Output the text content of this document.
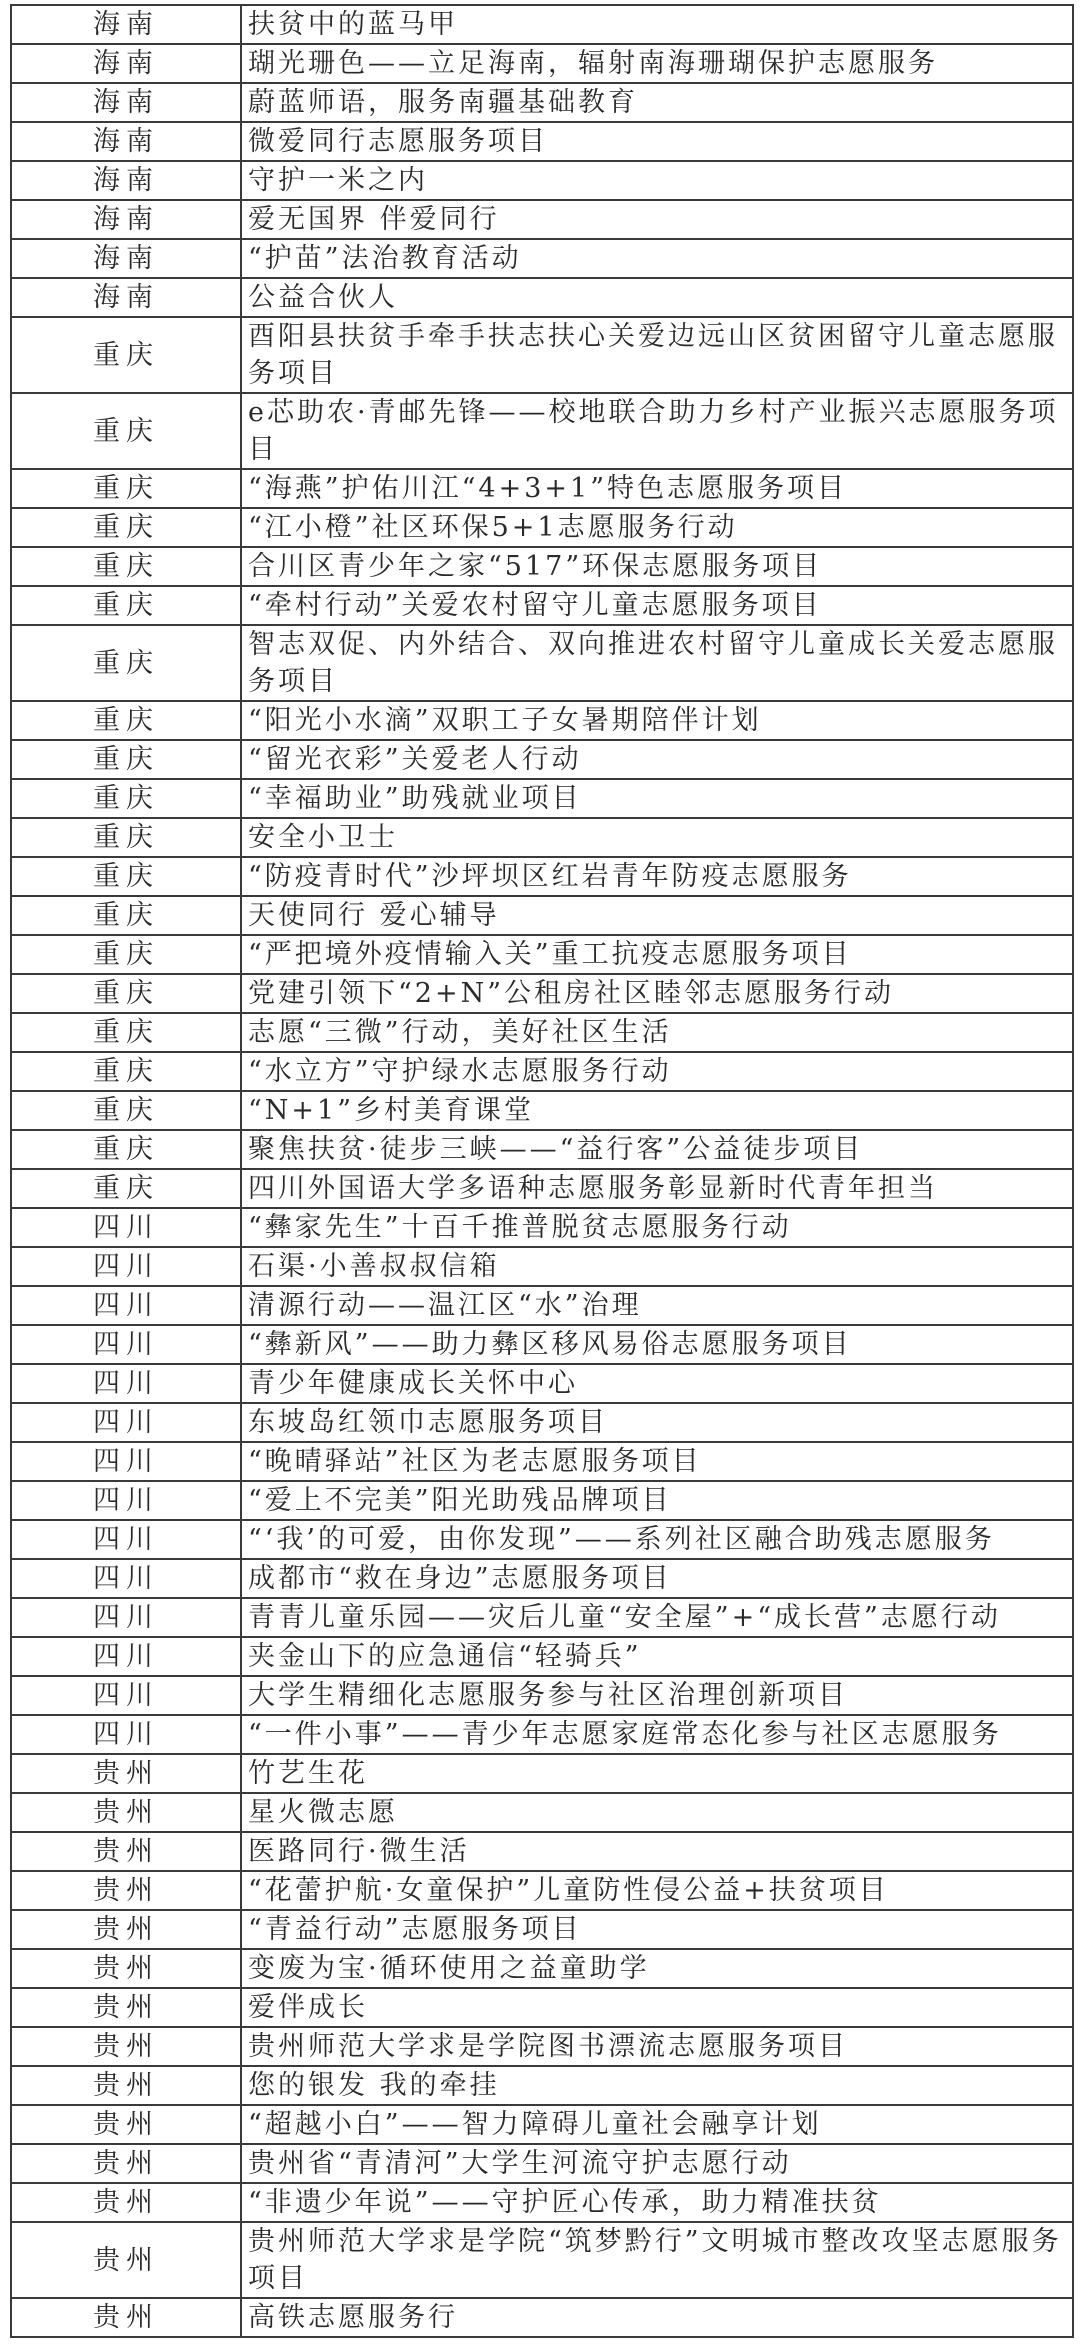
海南	扶贫中的蓝马甲
海南	瑚光珊色——立足海南，辐射南海珊瑚保护志愿服务
海南	蔚蓝师语，服务南疆基础教育
海南	微爱同行志愿服务项目
海南	守护一米之内
海南	爱无国界 伴爱同行
海南	“护苗”法治教育活动
海南	公益合伙人
重庆	酉阳县扶贫手牵手扶志扶心关爱边远山区贫困留守儿童志愿服务项目
重庆	e芯助农·青邮先锋——校地联合助力乡村产业振兴志愿服务项目
重庆	“海燕”护佑川江“4+3+1”特色志愿服务项目
重庆	“江小橙”社区环保5+1志愿服务行动
重庆	合川区青少年之家“517”环保志愿服务项目
重庆	“牵村行动”关爱农村留守儿童志愿服务项目
重庆	智志双促、内外结合、双向推进农村留守儿童成长关爱志愿服务项目
重庆	“阳光小水滴”双职工子女暑期陪伴计划
重庆	“留光衣彩”关爱老人行动
重庆	“幸福助业”助残就业项目
重庆	安全小卫士
重庆	“防疫青时代”沙坪坝区红岩青年防疫志愿服务
重庆	天使同行 爱心辅导
重庆	“严把境外疫情输入关”重工抗疫志愿服务项目
重庆	党建引领下“2+N”公租房社区睦邻志愿服务行动
重庆	志愿“三微”行动，美好社区生活
重庆	“水立方”守护绿水志愿服务行动
重庆	“N+1”乡村美育课堂
重庆	聚焦扶贫·徒步三峡——“益行客”公益徒步项目
重庆	四川外国语大学多语种志愿服务彰显新时代青年担当
四川	“彝家先生”十百千推普脱贫志愿服务行动
四川	石渠·小善叔叔信箱
四川	清源行动——温江区“水”治理
四川	“彝新风”——助力彝区移风易俗志愿服务项目
四川	青少年健康成长关怀中心
四川	东坡岛红领巾志愿服务项目
四川	“晚晴驿站”社区为老志愿服务项目
四川	“爱上不完美”阳光助残品牌项目
四川	“‘我’的可爱，由你发现”——系列社区融合助残志愿服务
四川	成都市“救在身边”志愿服务项目
四川	青青儿童乐园——灾后儿童“安全屋”+“成长营”志愿行动
四川	夹金山下的应急通信“轻骑兵”
四川	大学生精细化志愿服务参与社区治理创新项目
四川	“一件小事”——青少年志愿家庭常态化参与社区志愿服务
贵州	竹艺生花
贵州	星火微志愿
贵州	医路同行·微生活
贵州	“花蕾护航·女童保护”儿童防性侵公益+扶贫项目
贵州	“青益行动”志愿服务项目
贵州	变废为宝·循环使用之益童助学
贵州	爱伴成长
贵州	贵州师范大学求是学院图书漂流志愿服务项目
贵州	您的银发 我的牵挂
贵州	“超越小白”——智力障碍儿童社会融享计划
贵州	贵州省“青清河”大学生河流守护志愿行动
贵州	“非遗少年说”——守护匠心传承，助力精准扶贫
贵州	贵州师范大学求是学院“筑梦黔行”文明城市整改攻坚志愿服务项目
贵州	高铁志愿服务行
